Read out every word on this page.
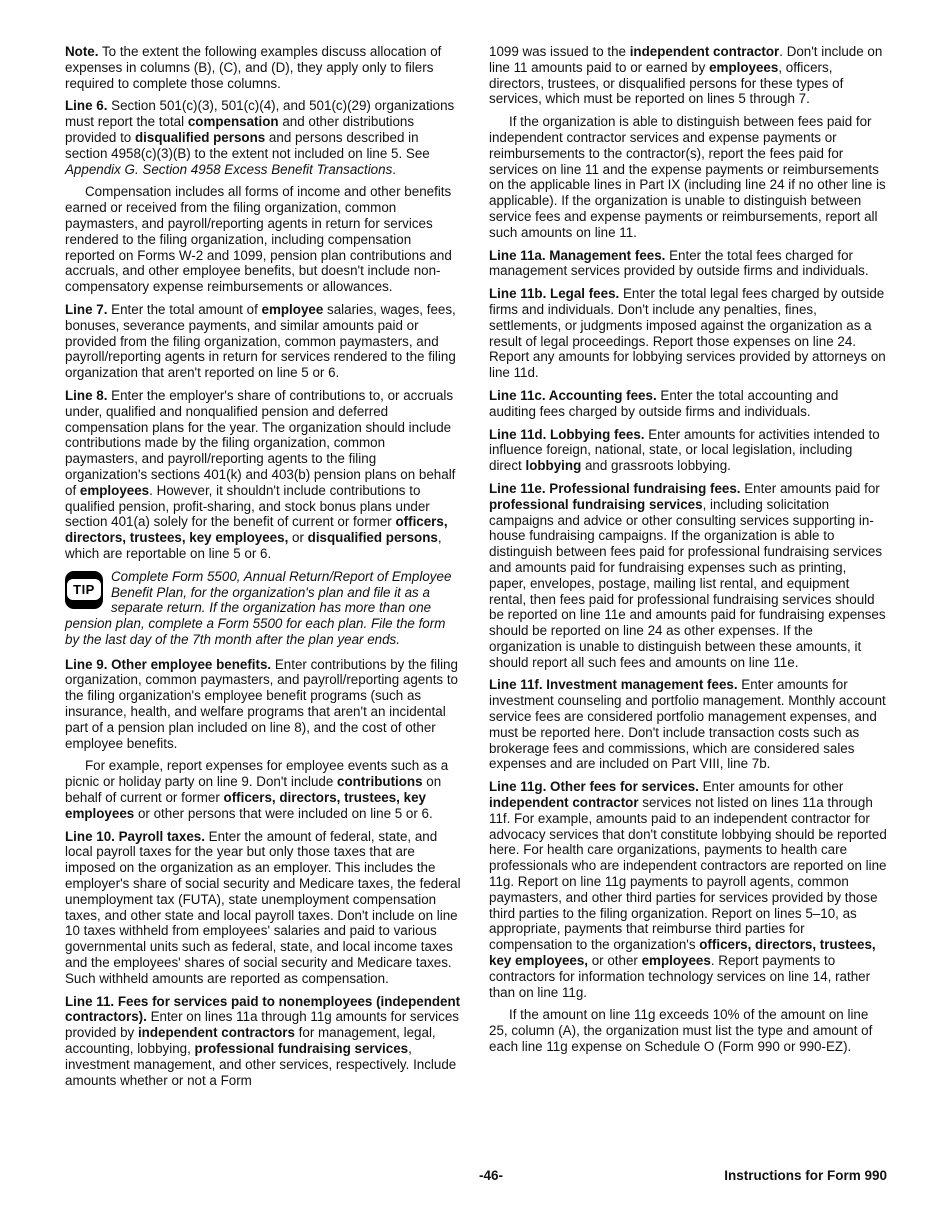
Note. To the extent the following examples discuss allocation of expenses in columns (B), (C), and (D), they apply only to filers required to complete those columns.

Line 6. Section 501(c)(3), 501(c)(4), and 501(c)(29) organizations must report the total compensation and other distributions provided to disqualified persons and persons described in section 4958(c)(3)(B) to the extent not included on line 5. See Appendix G. Section 4958 Excess Benefit Transactions.

Compensation includes all forms of income and other benefits earned or received from the filing organization, common paymasters, and payroll/reporting agents in return for services rendered to the filing organization, including compensation reported on Forms W-2 and 1099, pension plan contributions and accruals, and other employee benefits, but doesn't include non-compensatory expense reimbursements or allowances.

Line 7. Enter the total amount of employee salaries, wages, fees, bonuses, severance payments, and similar amounts paid or provided from the filing organization, common paymasters, and payroll/reporting agents in return for services rendered to the filing organization that aren't reported on line 5 or 6.

Line 8. Enter the employer's share of contributions to, or accruals under, qualified and nonqualified pension and deferred compensation plans for the year. The organization should include contributions made by the filing organization, common paymasters, and payroll/reporting agents to the filing organization's sections 401(k) and 403(b) pension plans on behalf of employees. However, it shouldn't include contributions to qualified pension, profit-sharing, and stock bonus plans under section 401(a) solely for the benefit of current or former officers, directors, trustees, key employees, or disqualified persons, which are reportable on line 5 or 6.

TIP
Complete Form 5500, Annual Return/Report of Employee Benefit Plan, for the organization's plan and file it as a separate return. If the organization has more than one pension plan, complete a Form 5500 for each plan. File the form by the last day of the 7th month after the plan year ends.

Line 9. Other employee benefits. Enter contributions by the filing organization, common paymasters, and payroll/reporting agents to the filing organization's employee benefit programs (such as insurance, health, and welfare programs that aren't an incidental part of a pension plan included on line 8), and the cost of other employee benefits.

For example, report expenses for employee events such as a picnic or holiday party on line 9. Don't include contributions on behalf of current or former officers, directors, trustees, key employees or other persons that were included on line 5 or 6.

Line 10. Payroll taxes. Enter the amount of federal, state, and local payroll taxes for the year but only those taxes that are imposed on the organization as an employer. This includes the employer's share of social security and Medicare taxes, the federal unemployment tax (FUTA), state unemployment compensation taxes, and other state and local payroll taxes. Don't include on line 10 taxes withheld from employees' salaries and paid to various governmental units such as federal, state, and local income taxes and the employees' shares of social security and Medicare taxes. Such withheld amounts are reported as compensation.

Line 11. Fees for services paid to nonemployees (independent contractors). Enter on lines 11a through 11g amounts for services provided by independent contractors for management, legal, accounting, lobbying, professional fundraising services, investment management, and other services, respectively. Include amounts whether or not a Form

1099 was issued to the independent contractor. Don't include on line 11 amounts paid to or earned by employees, officers, directors, trustees, or disqualified persons for these types of services, which must be reported on lines 5 through 7.

If the organization is able to distinguish between fees paid for independent contractor services and expense payments or reimbursements to the contractor(s), report the fees paid for services on line 11 and the expense payments or reimbursements on the applicable lines in Part IX (including line 24 if no other line is applicable). If the organization is unable to distinguish between service fees and expense payments or reimbursements, report all such amounts on line 11.

Line 11a. Management fees. Enter the total fees charged for management services provided by outside firms and individuals.

Line 11b. Legal fees. Enter the total legal fees charged by outside firms and individuals. Don't include any penalties, fines, settlements, or judgments imposed against the organization as a result of legal proceedings. Report those expenses on line 24. Report any amounts for lobbying services provided by attorneys on line 11d.

Line 11c. Accounting fees. Enter the total accounting and auditing fees charged by outside firms and individuals.

Line 11d. Lobbying fees. Enter amounts for activities intended to influence foreign, national, state, or local legislation, including direct lobbying and grassroots lobbying.

Line 11e. Professional fundraising fees. Enter amounts paid for professional fundraising services, including solicitation campaigns and advice or other consulting services supporting in-house fundraising campaigns. If the organization is able to distinguish between fees paid for professional fundraising services and amounts paid for fundraising expenses such as printing, paper, envelopes, postage, mailing list rental, and equipment rental, then fees paid for professional fundraising services should be reported on line 11e and amounts paid for fundraising expenses should be reported on line 24 as other expenses. If the organization is unable to distinguish between these amounts, it should report all such fees and amounts on line 11e.

Line 11f. Investment management fees. Enter amounts for investment counseling and portfolio management. Monthly account service fees are considered portfolio management expenses, and must be reported here. Don't include transaction costs such as brokerage fees and commissions, which are considered sales expenses and are included on Part VIII, line 7b.

Line 11g. Other fees for services. Enter amounts for other independent contractor services not listed on lines 11a through 11f. For example, amounts paid to an independent contractor for advocacy services that don't constitute lobbying should be reported here. For health care organizations, payments to health care professionals who are independent contractors are reported on line 11g. Report on line 11g payments to payroll agents, common paymasters, and other third parties for services provided by those third parties to the filing organization. Report on lines 5–10, as appropriate, payments that reimburse third parties for compensation to the organization's officers, directors, trustees, key employees, or other employees. Report payments to contractors for information technology services on line 14, rather than on line 11g.

If the amount on line 11g exceeds 10% of the amount on line 25, column (A), the organization must list the type and amount of each line 11g expense on Schedule O (Form 990 or 990-EZ).

-46-	Instructions for Form 990
